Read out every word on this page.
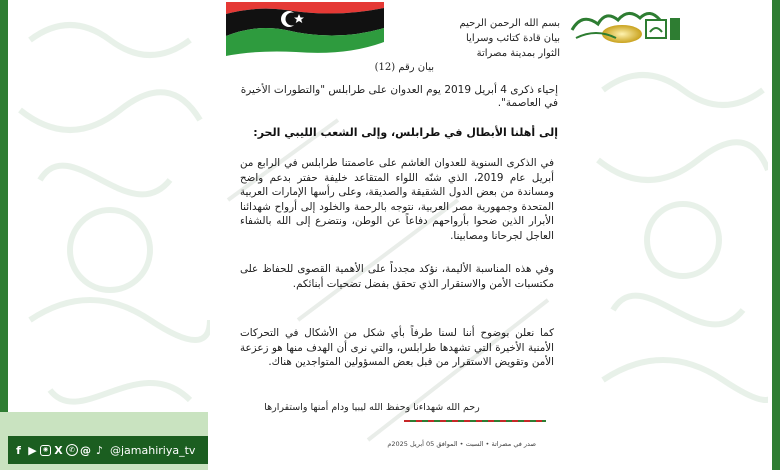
بسم الله الرحمن الرحيم
بيان قادة كتائب وسرايا
الثوار بمدينة مصراتة
بيان رقم (12)
إحياء ذكرى 4 أبريل 2019 يوم العدوان على طرابلس "والتطورات الأخيرة في العاصمة".
إلى أهلنا الأبطال في طرابلس، وإلى الشعب الليبي الحر:
في الذكرى السنوية للعدوان الغاشم على عاصمتنا طرابلس في الرابع من أبريل عام 2019، الذي شنّه اللواء المتقاعد خليفة حفتر بدعم واضح ومساندة من بعض الدول الشقيقة والصديقة، وعلى رأسها الإمارات العربية المتحدة وجمهورية مصر العربية، نتوجه بالرحمة والخلود إلى أرواح شهدائنا الأبرار الذين ضحوا بأرواحهم دفاعاً عن الوطن، ونتضرع إلى الله بالشفاء العاجل لجرحانا ومصابينا.
وفي هذه المناسبة الأليمة، نؤكد مجدداً على الأهمية القصوى للحفاظ على مكتسبات الأمن والاستقرار الذي تحقق بفضل تضحيات أبنائكم.
كما نعلن بوضوح أننا لسنا طرفاً بأي شكل من الأشكال في التحركات الأمنية الأخيرة التي تشهدها طرابلس، والتي نرى أن الهدف منها هو زعزعة الأمن وتقويض الاستقرار من قبل بعض المسؤولين المتواجدين هناك.
رحم الله شهداءنا وحفظ الله ليبيا ودام أمنها واستقرارها
صدر في مصراتة • السبت • الموافق 05 أبريل 2025م
f ▶	◉ X ✆ @ ♪ @jamahiriya_tv
